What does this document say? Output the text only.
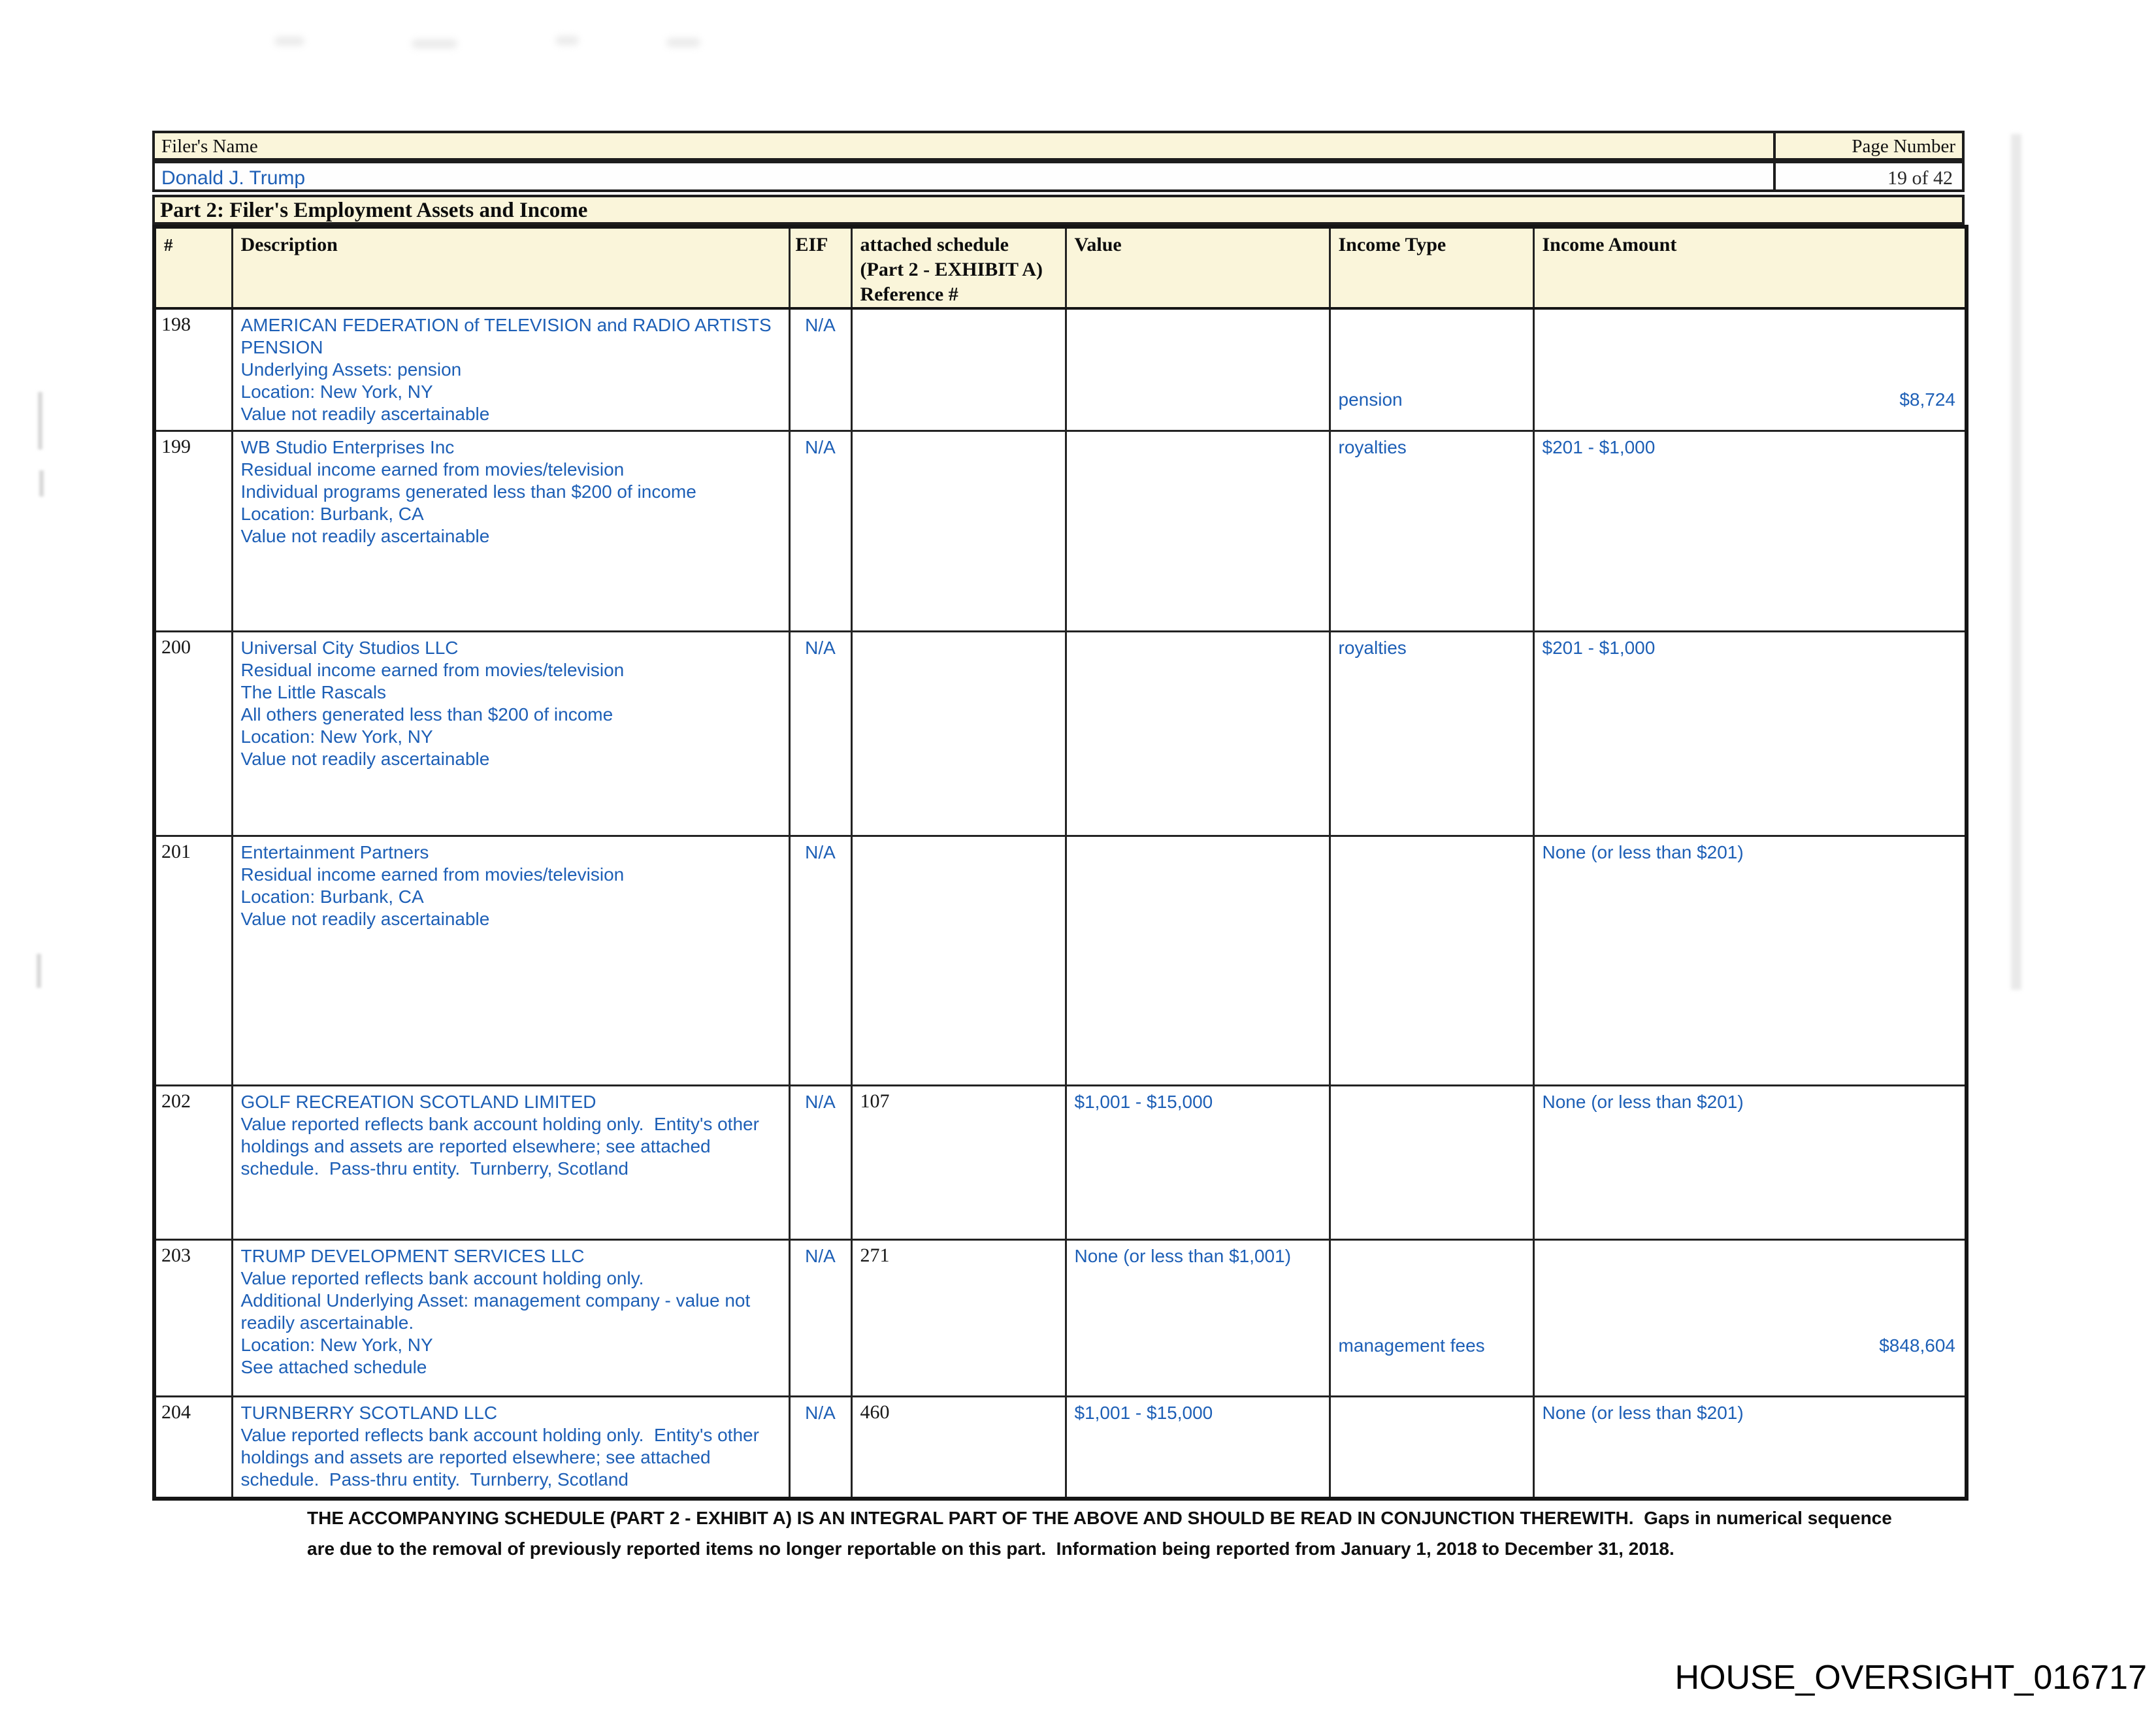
Filer's Name	Page Number
Donald J. Trump	19 of 42
Part 2: Filer's Employment Assets and Income
#	Description	EIF	attached schedule
(Part 2 - EXHIBIT A)
Reference #	Value	Income Type	Income Amount
198	AMERICAN FEDERATION of TELEVISION and RADIO ARTISTS
PENSION
Underlying Assets: pension
Location: New York, NY
Value not readily ascertainable	N/A			pension	$8,724
199	WB Studio Enterprises Inc
Residual income earned from movies/television
Individual programs generated less than $200 of income
Location: Burbank, CA
Value not readily ascertainable	N/A			royalties	$201 - $1,000
200	Universal City Studios LLC
Residual income earned from movies/television
The Little Rascals
All others generated less than $200 of income
Location: New York, NY
Value not readily ascertainable
	N/A			royalties	$201 - $1,000
201	Entertainment Partners
Residual income earned from movies/television
Location: Burbank, CA
Value not readily ascertainable	N/A				None (or less than $201)
202	GOLF RECREATION SCOTLAND LIMITED
Value reported reflects bank account holding only.  Entity's other
holdings and assets are reported elsewhere; see attached
schedule.  Pass-thru entity.  Turnberry, Scotland	N/A	107	$1,001 - $15,000		None (or less than $201)
203	TRUMP DEVELOPMENT SERVICES LLC
Value reported reflects bank account holding only.
Additional Underlying Asset: management company - value not
readily ascertainable.
Location: New York, NY
See attached schedule
	N/A	271	None (or less than $1,001)	management fees	$848,604
204	TURNBERRY SCOTLAND LLC
Value reported reflects bank account holding only.  Entity's other
holdings and assets are reported elsewhere; see attached
schedule.  Pass-thru entity.  Turnberry, Scotland	N/A	460	$1,001 - $15,000		None (or less than $201)
THE ACCOMPANYING SCHEDULE (PART 2 - EXHIBIT A) IS AN INTEGRAL PART OF THE ABOVE AND SHOULD BE READ IN CONJUNCTION THEREWITH.  Gaps in numerical sequence are due to the removal of previously reported items no longer reportable on this part.  Information being reported from January 1, 2018 to December 31, 2018.
HOUSE_OVERSIGHT_016717
